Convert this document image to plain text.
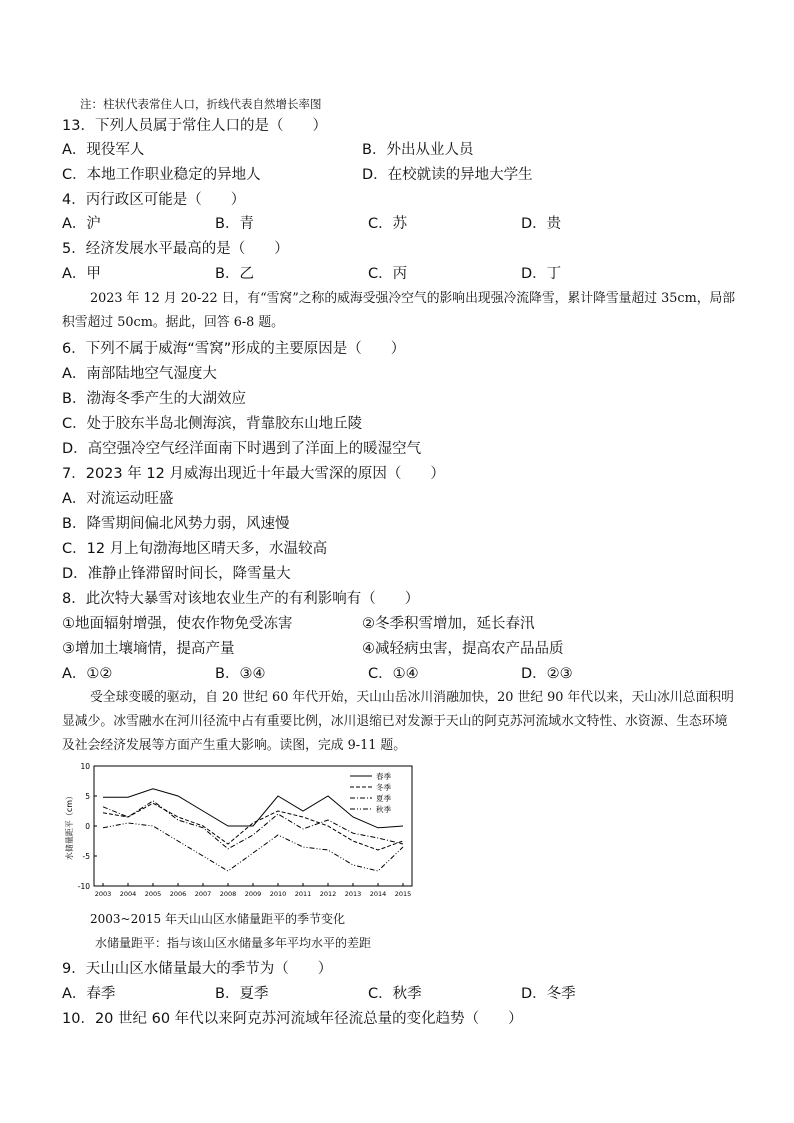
注：柱状代表常住人口，折线代表自然增长率图
13．下列人员属于常住人口的是（　　）
A．现役军人	B．外出从业人员
C．本地工作职业稳定的异地人	D．在校就读的异地大学生
4．丙行政区可能是（　　）
A．沪	B．青	C．苏	D．贵
5．经济发展水平最高的是（　　）
A．甲	B．乙	C．丙	D．丁
2023 年 12 月 20-22 日，有“雪窝”之称的威海受强冷空气的影响出现强冷流降雪，累计降雪量超过 35cm，局部积雪超过 50cm。据此，回答 6-8 题。
6．下列不属于威海“雪窝”形成的主要原因是（　　）
A．南部陆地空气湿度大
B．渤海冬季产生的大湖效应
C．处于胶东半岛北侧海滨，背靠胶东山地丘陵
D．高空强冷空气经洋面南下时遇到了洋面上的暖湿空气
7．2023 年 12 月威海出现近十年最大雪深的原因（　　）
A．对流运动旺盛
B．降雪期间偏北风势力弱，风速慢
C．12 月上旬渤海地区晴天多，水温较高
D．准静止锋滞留时间长，降雪量大
8．此次特大暴雪对该地农业生产的有利影响有（　　）
①地面辐射增强，使农作物免受冻害	②冬季积雪增加，延长春汛
③增加土壤墒情，提高产量	④减轻病虫害，提高农产品品质
A．①②	B．③④	C．①④	D．②③
受全球变暖的驱动，自 20 世纪 60 年代开始，天山山岳冰川消融加快，20 世纪 90 年代以来，天山冰川总面积明显减少。冰雪融水在河川径流中占有重要比例，冰川退缩已对发源于天山的阿克苏河流域水文特性、水资源、生态环境及社会经济发展等方面产生重大影响。读图，完成 9-11 题。
10
5
0
-5
-10
2003 2004 2005 2006 2007 2008 2009 2010 2011 2012 2013 2014 2015
水储量距平（cm）
春季
冬季
夏季
秋季
2003~2015 年天山山区水储量距平的季节变化
水储量距平：指与该山区水储量多年平均水平的差距
9．天山山区水储量最大的季节为（　　）
A．春季	B．夏季	C．秋季	D．冬季
10．20 世纪 60 年代以来阿克苏河流域年径流总量的变化趋势（　　）
